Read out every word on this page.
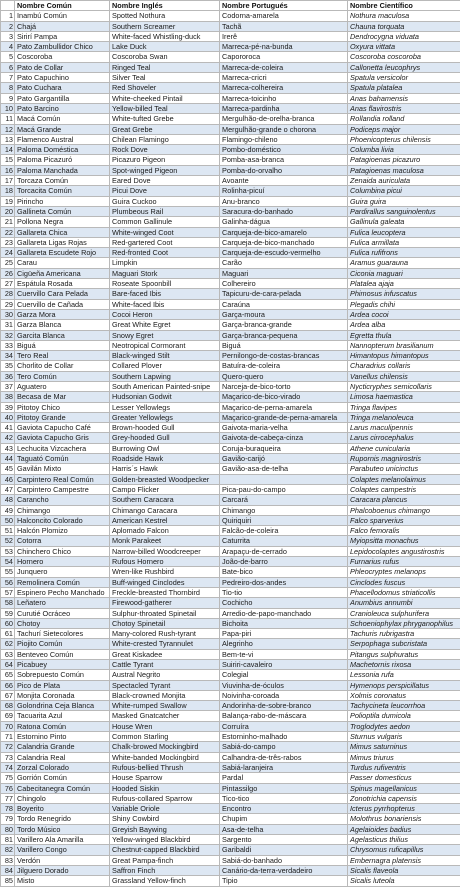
	Nombre Común	Nombre Inglés	Nombre Portugués	Nombre Científico
1	Inambú Común	Spotted Nothura	Codorna-amarela	Nothura maculosa
2	Chajá	Southern Screamer	Tachã	Chauna torquata
3	Sirirí Pampa	White-faced Whistling-duck	Irerê	Dendrocygna viduata
4	Pato Zambullidor Chico	Lake Duck	Marreca-pé-na-bunda	Oxyura vittata
5	Coscoroba	Coscoroba Swan	Capororoca	Coscoroba coscoroba
6	Pato de Collar	Ringed Teal	Marreca-de-coleira	Callonetta leucophrys
7	Pato Capuchino	Silver Teal	Marreca-cricri	Spatula versicolor
8	Pato Cuchara	Red Shoveler	Marreca-colhereira	Spatula platalea
9	Pato Gargantilla	White-cheeked Pintail	Marreca-toicinho	Anas bahamensis
10	Pato Barcino	Yellow-billed Teal	Marreca-pardinha	Anas flavirostris
11	Macá Común	White-tufted Grebe	Mergulhão-de-orelha-branca	Rollandia rolland
12	Macá Grande	Great Grebe	Mergulhão-grande o chorona	Podiceps major
13	Flamenco Austral	Chilean Flamingo	Flamingo-chileno	Phoenicopterus chilensis
14	Paloma Doméstica	Rock Dove	Pombo-doméstico	Columba livia
15	Paloma Picazuró	Picazuro Pigeon	Pomba-asa-branca	Patagioenas picazuro
16	Paloma Manchada	Spot-winged Pigeon	Pomba-do-orvalho	Patagioenas maculosa
17	Torcaza Común	Eared Dove	Avoante	Zenaida auriculata
18	Torcacita Común	Picui Dove	Rolinha-picuí	Columbina picui
19	Pirincho	Guira Cuckoo	Anu-branco	Guira guira
20	Gallineta Común	Plumbeous Rail	Saracura-do-banhado	Pardirallus sanguinolentus
21	Pollona Negra	Common Gallinule	Galinha-dágua	Gallinula galeata
22	Gallareta Chica	White-winged Coot	Carqueja-de-bico-amarelo	Fulica leucoptera
23	Gallareta Ligas Rojas	Red-gartered Coot	Carqueja-de-bico-manchado	Fulica armillata
24	Gallareta Escudete Rojo	Red-fronted Coot	Carqueja-de-escudo-vermelho	Fulica rufifrons
25	Carau	Limpkin	Carão	Aramus guarauna
26	Cigüeña Americana	Maguari Stork	Maguari	Ciconia maguari
27	Espátula Rosada	Roseate Spoonbill	Colhereiro	Platalea ajaja
28	Cuervillo Cara Pelada	Bare-faced Ibis	Tapicuru-de-cara-pelada	Phimosus infuscatus
29	Cuervillo de Cañada	White-faced Ibis	Caraúna	Plegadis chihi
30	Garza Mora	Cocoi Heron	Garça-moura	Ardea cocoi
31	Garza Blanca	Great White Egret	Garça-branca-grande	Ardea alba
32	Garcita Blanca	Snowy Egret	Garça-branca-pequena	Egretta thula
33	Biguá	Neotropical Cormorant	Biguá	Nannopterum brasilianum
34	Tero Real	Black-winged Stilt	Pernilongo-de-costas-brancas	Himantopus himantopus
35	Chorlito de Collar	Collared Plover	Batuíra-de-coleira	Charadrius collaris
36	Tero Común	Southern Lapwing	Quero-quero	Vanellus chilensis
37	Aguatero	South American Painted-snipe	Narceja-de-bico-torto	Nycticryphes semicollaris
38	Becasa de Mar	Hudsonian Godwit	Maçarico-de-bico-virado	Limosa haemastica
39	Pitotoy Chico	Lesser Yellowlegs	Maçarico-de-perna-amarela	Tringa flavipes
40	Pitotoy Grande	Greater Yellowlegs	Maçarico-grande-de-perna-amarela	Tringa melanoleuca
41	Gaviota Capucho Café	Brown-hooded Gull	Gaivota-maria-velha	Larus maculipennis
42	Gaviota Capucho Gris	Grey-hooded Gull	Gaivota-de-cabeça-cinza	Larus cirrocephalus
43	Lechucita Vizcachera	Burrowing Owl	Coruja-buraqueira	Athene cunicularia
44	Taguató Común	Roadside Hawk	Gavião-carijó	Rupornis magnirostris
45	Gavilán Mixto	Harris´s Hawk	Gavião-asa-de-telha	Parabuteo unicinctus
46	Carpintero Real Común	Golden-breasted Woodpecker		Colaptes melanolaimus
47	Carpintero Campestre	Campo Flicker	Pica-pau-do-campo	Colaptes campestris
48	Carancho	Southern Caracara	Carcará	Caracara plancus
49	Chimango	Chimango Caracara	Chimango	Phalcoboenus chimango
50	Halconcito Colorado	American Kestrel	Quiriquiri	Falco sparverius
51	Halcón Plomizo	Aplomado Falcon	Falcão-de-coleira	Falco femoralis
52	Cotorra	Monk Parakeet	Caturrita	Myiopsitta monachus
53	Chinchero Chico	Narrow-billed Woodcreeper	Arapaçu-de-cerrado	Lepidocolaptes angustirostris
54	Hornero	Rufous Hornero	João-de-barro	Furnarius rufus
55	Junquero	Wren-like Rushbird	Bate-bico	Phleocryptes melanops
56	Remolinera Común	Buff-winged Cinclodes	Pedreiro-dos-andes	Cinclodes fuscus
57	Espinero Pecho Manchado	Freckle-breasted Thornbird	Tio-tio	Phacellodomus striaticollis
58	Leñatero	Firewood-gatherer	Cochicho	Anumbius annumbi
59	Curutié Ocráceo	Sulphur-throated Spinetail	Arredio-de-papo-manchado	Cranioleuca sulphurifera
60	Chotoy	Chotoy Spinetail	Bichoita	Schoeniophylax phryganophilus
61	Tachurí Sietecolores	Many-colored Rush-tyrant	Papa-piri	Tachuris rubrigastra
62	Piojito Común	White-crested Tyrannulet	Alegrinho	Serpophaga subcristata
63	Benteveo Común	Great Kiskadee	Bem-te-vi	Pitangus sulphuratus
64	Picabuey	Cattle Tyrant	Suiriri-cavaleiro	Machetornis rixosa
65	Sobrepuesto Común	Austral Negrito	Colegial	Lessonia rufa
66	Pico de Plata	Spectacled Tyrant	Viuvinha-de-óculos	Hymenops perspicillatus
67	Monjita Coronada	Black-crowned Monjita	Noivinha-coroada	Xolmis coronatus
68	Golondrina Ceja Blanca	White-rumped Swallow	Andorinha-de-sobre-branco	Tachycineta leucorrhoa
69	Tacuarita Azul	Masked Gnatcatcher	Balança-rabo-de-máscara	Polioptila dumicola
70	Ratona Común	House Wren	Corruíra	Troglodytes aedon
71	Estornino Pinto	Common Starling	Estorninho-malhado	Sturnus vulgaris
72	Calandria Grande	Chalk-browed Mockingbird	Sabiá-do-campo	Mimus saturninus
73	Calandria Real	White-banded Mockingbird	Calhandra-de-três-rabos	Mimus triurus
74	Zorzal Colorado	Rufous-bellied Thrush	Sabiá-laranjeira	Turdus rufiventris
75	Gorrión Común	House Sparrow	Pardal	Passer domesticus
76	Cabecitanegra Común	Hooded Siskin	Pintassilgo	Spinus magellanicus
77	Chingolo	Rufous-collared Sparrow	Tico-tico	Zonotrichia capensis
78	Boyerito	Variable Oriole	Encontro	Icterus pyrrhopterus
79	Tordo Renegrido	Shiny Cowbird	Chupim	Molothrus bonariensis
80	Tordo Músico	Greyish Baywing	Asa-de-telha	Agelaioides badius
81	Varillero Ala Amarilla	Yellow-winged Blackbird	Sargento	Agelasticus thilius
82	Varillero Congo	Chestnut-capped Blackbird	Garibaldi	Chrysomus ruficapillus
83	Verdón	Great Pampa-finch	Sabiá-do-banhado	Embernagra platensis
84	Jilguero Dorado	Saffron Finch	Canário-da-terra-verdadeiro	Sicalis flaveola
85	Misto	Grassland Yellow-finch	Tipio	Sicalis luteola
